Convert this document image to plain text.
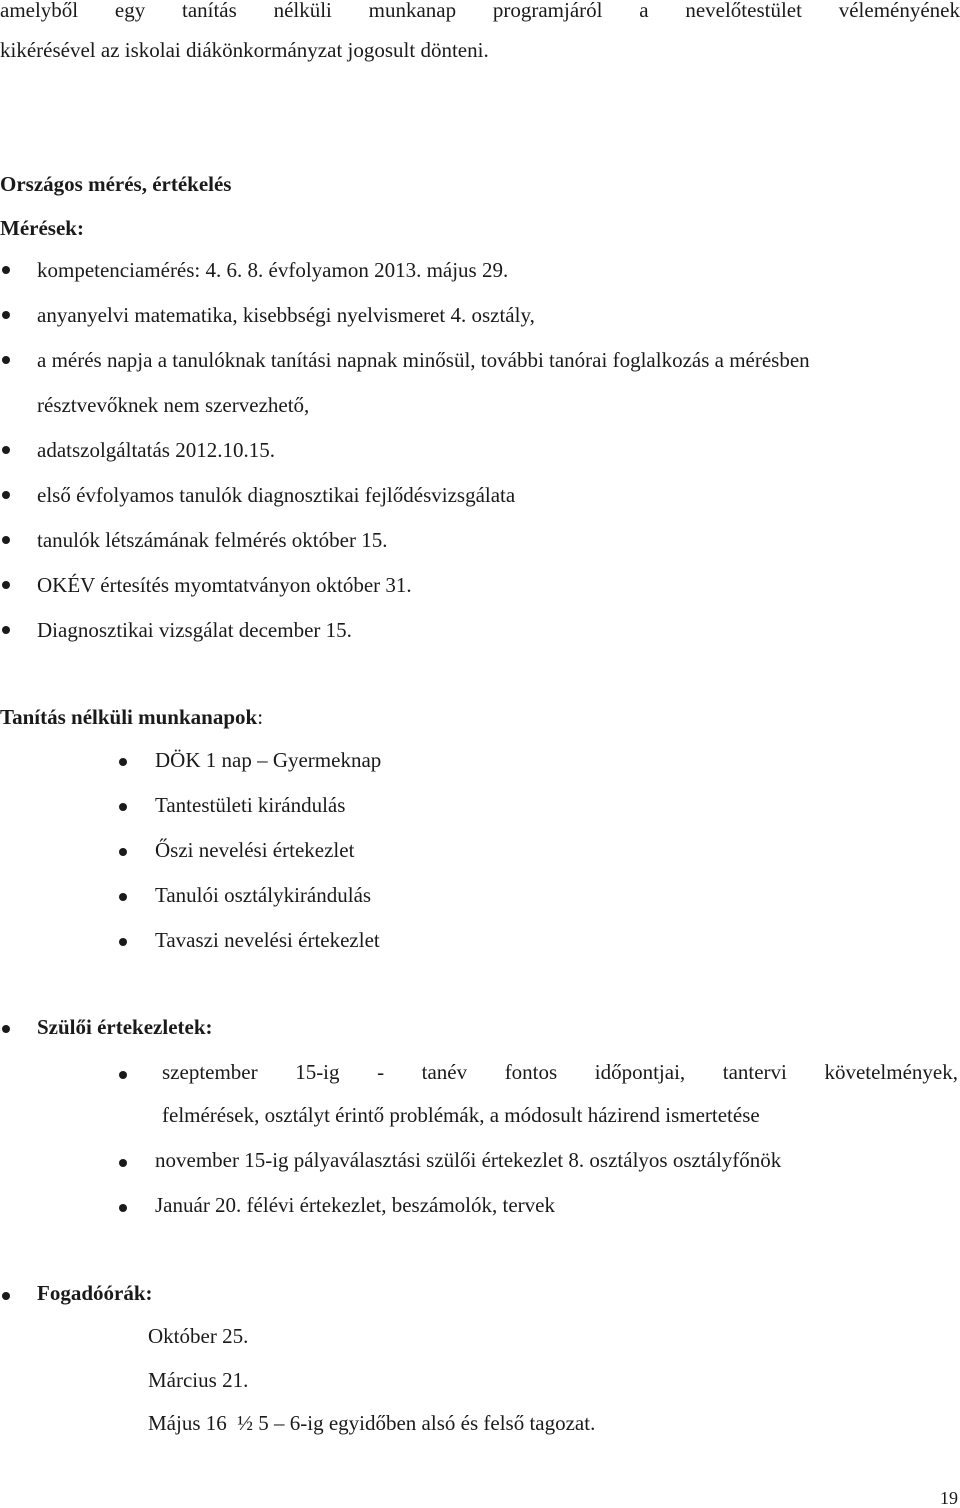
amelyből egy tanítás nélküli munkanap programjáról a nevelőtestület véleményének
kikérésével az iskolai diákönkormányzat jogosult dönteni.
Országos mérés, értékelés
Mérések:
kompetenciamérés: 4. 6. 8. évfolyamon 2013. május 29.
anyanyelvi matematika, kisebbségi nyelvismeret 4. osztály,
a mérés napja a tanulóknak tanítási napnak minősül, további tanórai foglalkozás a mérésben
résztvevőknek nem szervezhető,
adatszolgáltatás 2012.10.15.
első évfolyamos tanulók diagnosztikai fejlődésvizsgálata
tanulók létszámának felmérés október 15.
OKÉV értesítés myomtatványon október 31.
Diagnosztikai vizsgálat december 15.
Tanítás nélküli munkanapok:
DÖK 1 nap – Gyermeknap
Tantestületi kirándulás
Őszi nevelési értekezlet
Tanulói osztálykirándulás
Tavaszi nevelési értekezlet
Szülői értekezletek:
szeptember 15-ig - tanév fontos időpontjai, tantervi követelmények,
felmérések, osztályt érintő problémák, a módosult házirend ismertetése
november 15-ig pályaválasztási szülői értekezlet 8. osztályos osztályfőnök
Január 20. félévi értekezlet, beszámolók, tervek
Fogadóórák:
Október 25.
Március 21.
Május 16  ½ 5 – 6-ig egyidőben alsó és felső tagozat.
19
